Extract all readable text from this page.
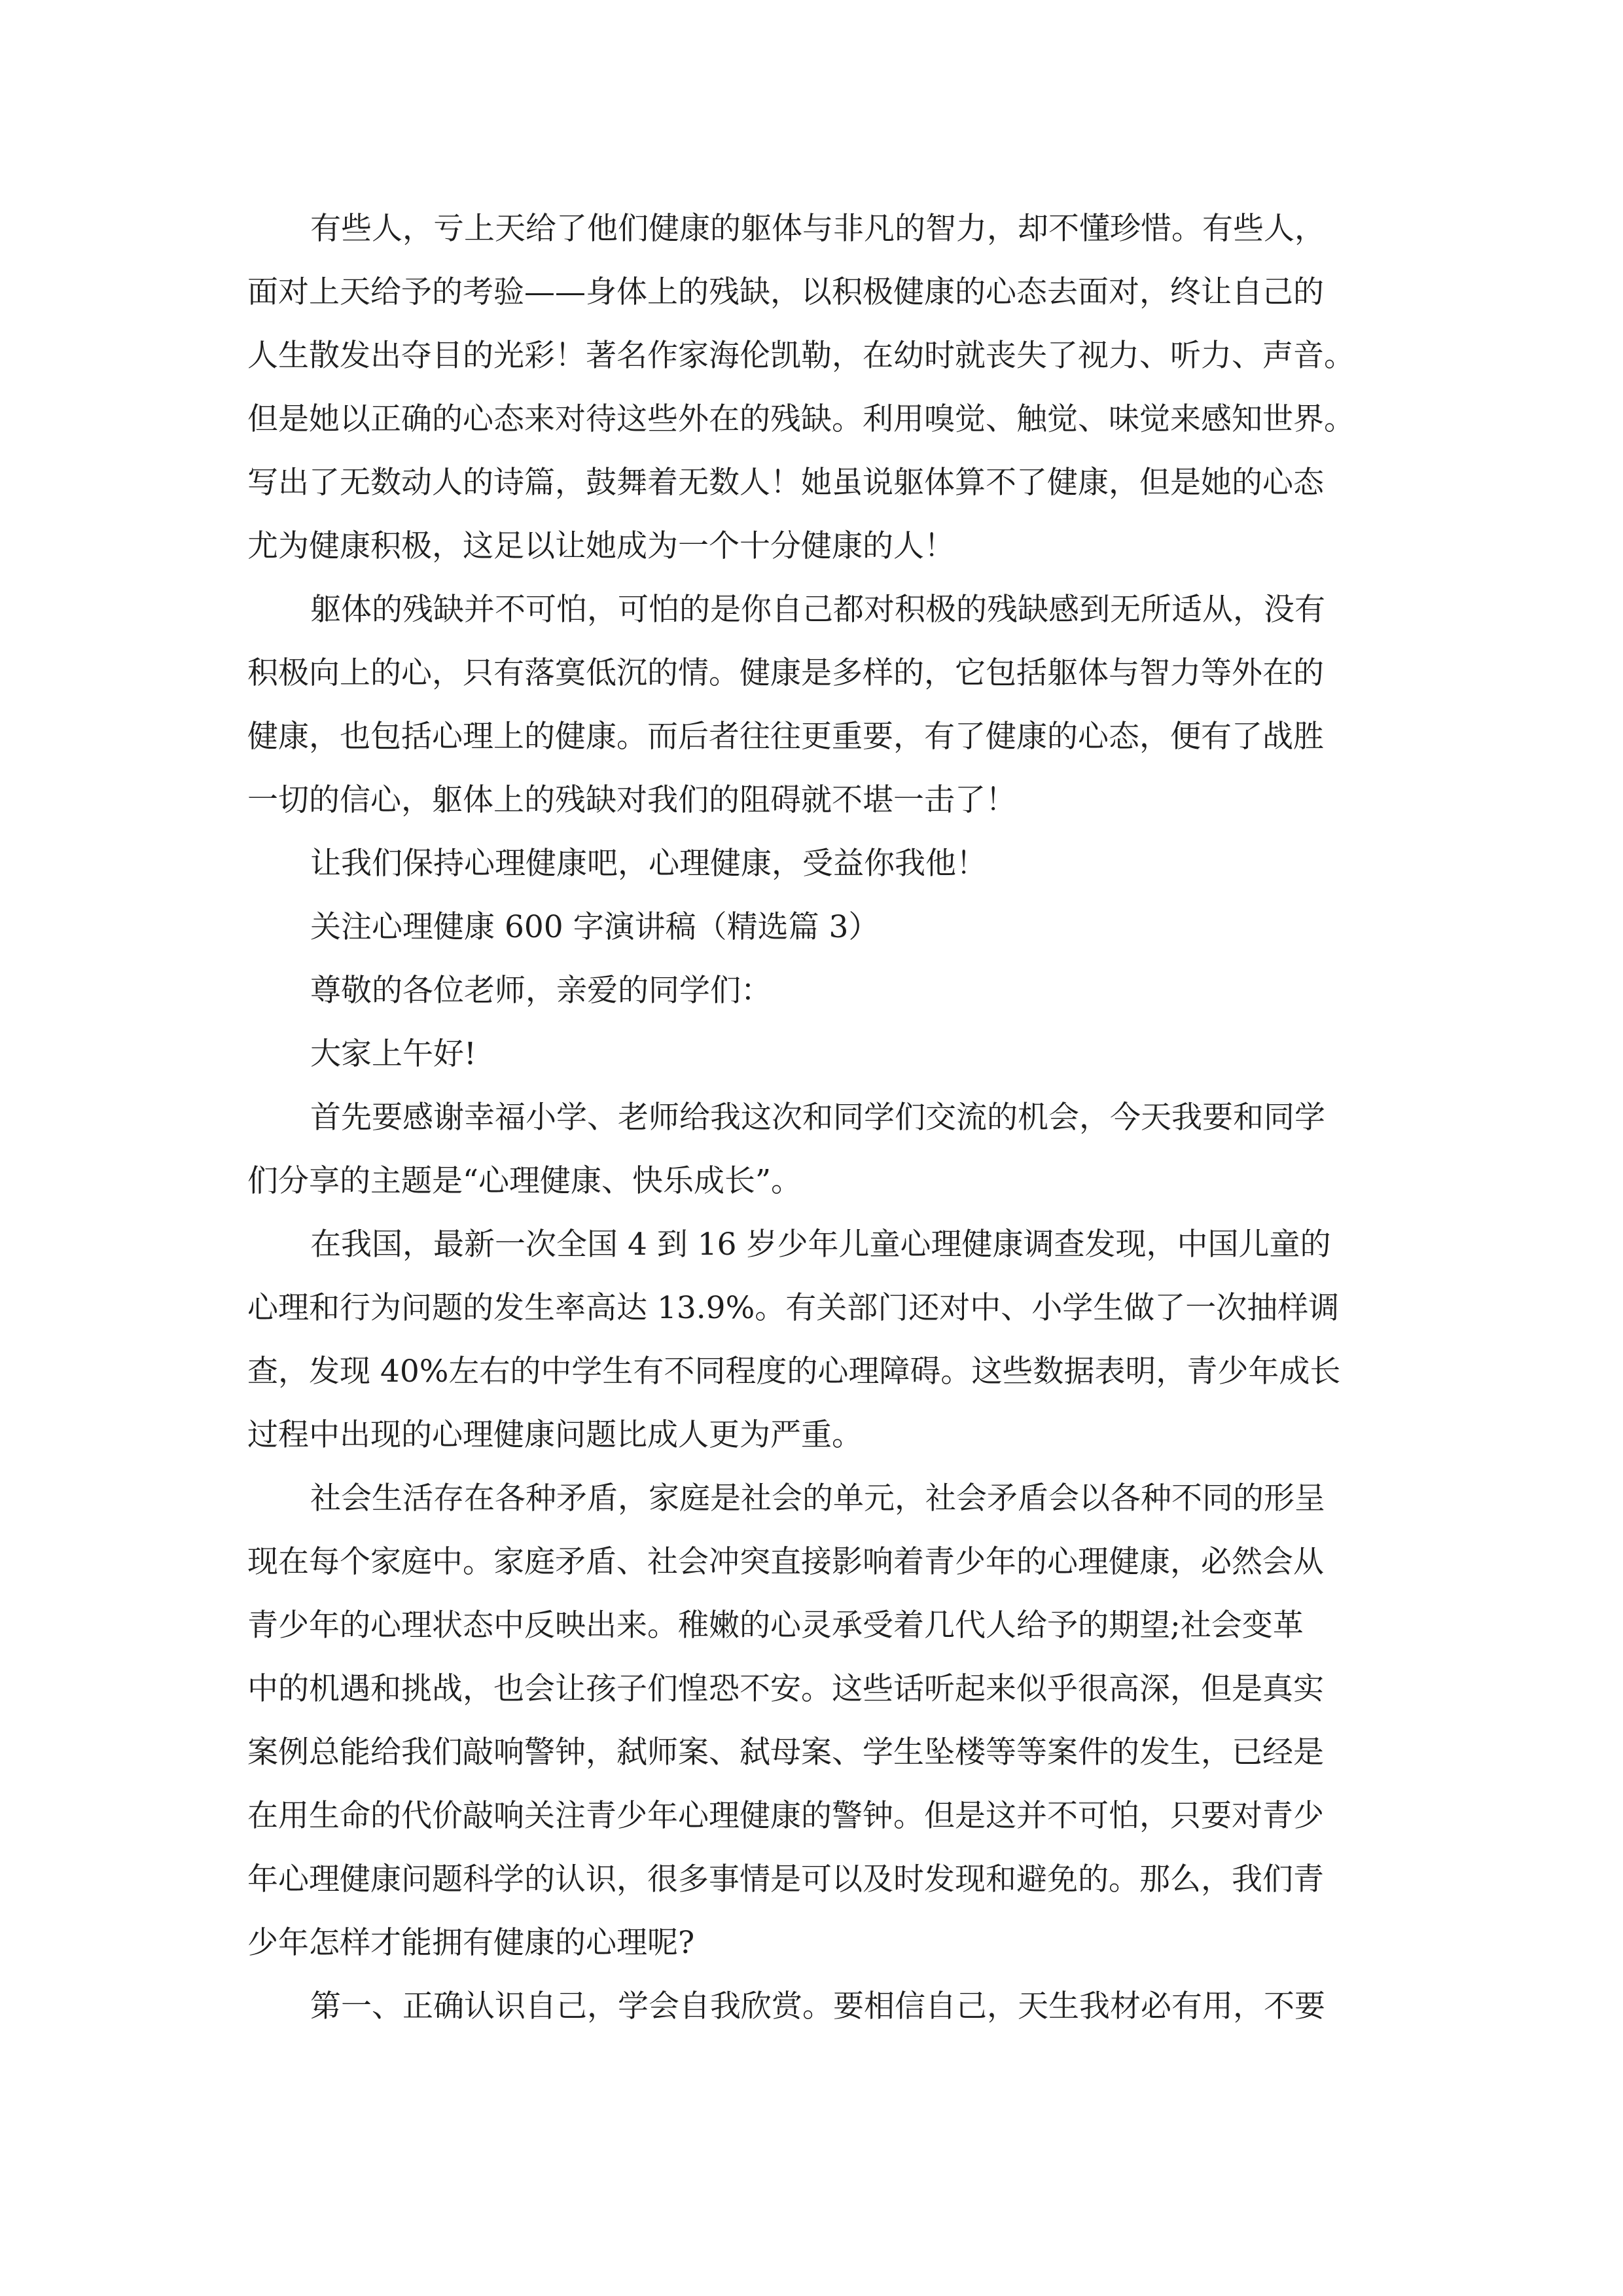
有些人，亏上天给了他们健康的躯体与非凡的智力，却不懂珍惜。有些人，

面对上天给予的考验——身体上的残缺，以积极健康的心态去面对，终让自己的

人生散发出夺目的光彩！著名作家海伦凯勒，在幼时就丧失了视力、听力、声音。

但是她以正确的心态来对待这些外在的残缺。利用嗅觉、触觉、味觉来感知世界。

写出了无数动人的诗篇，鼓舞着无数人！她虽说躯体算不了健康，但是她的心态

尤为健康积极，这足以让她成为一个十分健康的人！

躯体的残缺并不可怕，可怕的是你自己都对积极的残缺感到无所适从，没有

积极向上的心，只有落寞低沉的情。健康是多样的，它包括躯体与智力等外在的

健康，也包括心理上的健康。而后者往往更重要，有了健康的心态，便有了战胜

一切的信心，躯体上的残缺对我们的阻碍就不堪一击了！

让我们保持心理健康吧，心理健康，受益你我他！

关注心理健康 600 字演讲稿（精选篇 3）

尊敬的各位老师，亲爱的同学们：

大家上午好!

首先要感谢幸福小学、老师给我这次和同学们交流的机会，今天我要和同学

们分享的主题是“心理健康、快乐成长”。

在我国，最新一次全国 4 到 16 岁少年儿童心理健康调查发现，中国儿童的

心理和行为问题的发生率高达 13.9%。有关部门还对中、小学生做了一次抽样调

查，发现 40%左右的中学生有不同程度的心理障碍。这些数据表明，青少年成长

过程中出现的心理健康问题比成人更为严重。

社会生活存在各种矛盾，家庭是社会的单元，社会矛盾会以各种不同的形呈

现在每个家庭中。家庭矛盾、社会冲突直接影响着青少年的心理健康，必然会从

青少年的心理状态中反映出来。稚嫩的心灵承受着几代人给予的期望;社会变革

中的机遇和挑战，也会让孩子们惶恐不安。这些话听起来似乎很高深，但是真实

案例总能给我们敲响警钟，弑师案、弑母案、学生坠楼等等案件的发生，已经是

在用生命的代价敲响关注青少年心理健康的警钟。但是这并不可怕，只要对青少

年心理健康问题科学的认识，很多事情是可以及时发现和避免的。那么，我们青

少年怎样才能拥有健康的心理呢?

第一、正确认识自己，学会自我欣赏。要相信自己，天生我材必有用，不要
